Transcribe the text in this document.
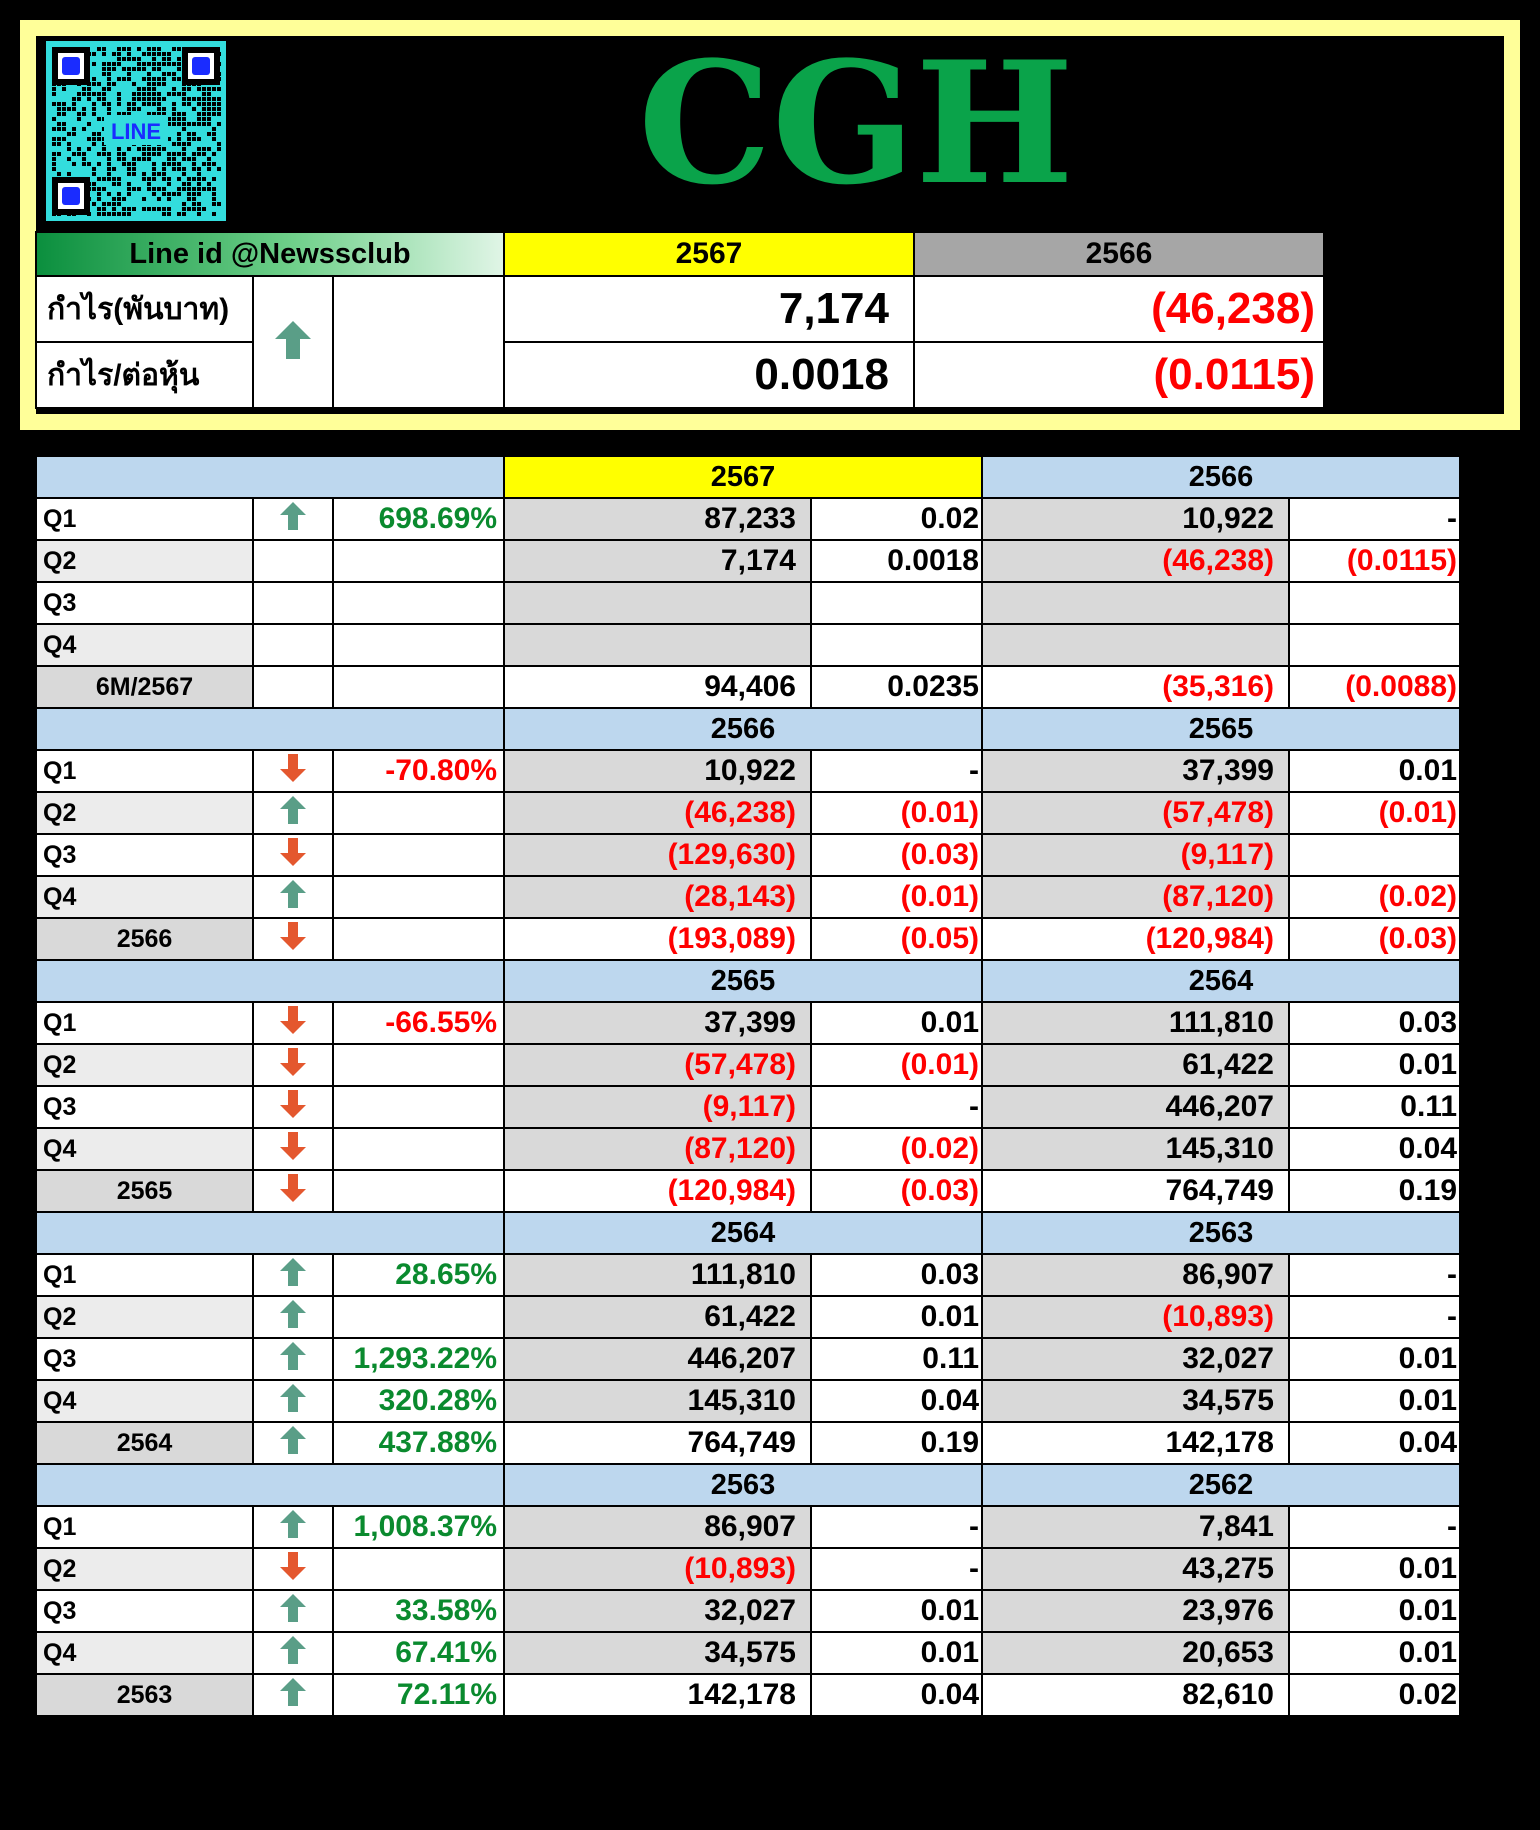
LINE	CGH
Line id @Newssclub			2567	2566
กำไร(พันบาท)			7,174	(46,238)
กำไร/ต่อหุ้น			0.0018	(0.0115)
			2567		2566	
Q1		698.69%	87,233	0.02	10,922	-
Q2			7,174	0.0018	(46,238)	(0.0115)
Q3						
Q4						
6M/2567			94,406	0.0235	(35,316)	(0.0088)
			2566		2565	
Q1		-70.80%	10,922	-	37,399	0.01
Q2			(46,238)	(0.01)	(57,478)	(0.01)
Q3			(129,630)	(0.03)	(9,117)	
Q4			(28,143)	(0.01)	(87,120)	(0.02)
2566			(193,089)	(0.05)	(120,984)	(0.03)
			2565		2564	
Q1		-66.55%	37,399	0.01	111,810	0.03
Q2			(57,478)	(0.01)	61,422	0.01
Q3			(9,117)	-	446,207	0.11
Q4			(87,120)	(0.02)	145,310	0.04
2565			(120,984)	(0.03)	764,749	0.19
			2564		2563	
Q1		28.65%	111,810	0.03	86,907	-
Q2			61,422	0.01	(10,893)	-
Q3		1,293.22%	446,207	0.11	32,027	0.01
Q4		320.28%	145,310	0.04	34,575	0.01
2564		437.88%	764,749	0.19	142,178	0.04
			2563		2562	
Q1		1,008.37%	86,907	-	7,841	-
Q2			(10,893)	-	43,275	0.01
Q3		33.58%	32,027	0.01	23,976	0.01
Q4		67.41%	34,575	0.01	20,653	0.01
2563		72.11%	142,178	0.04	82,610	0.02
